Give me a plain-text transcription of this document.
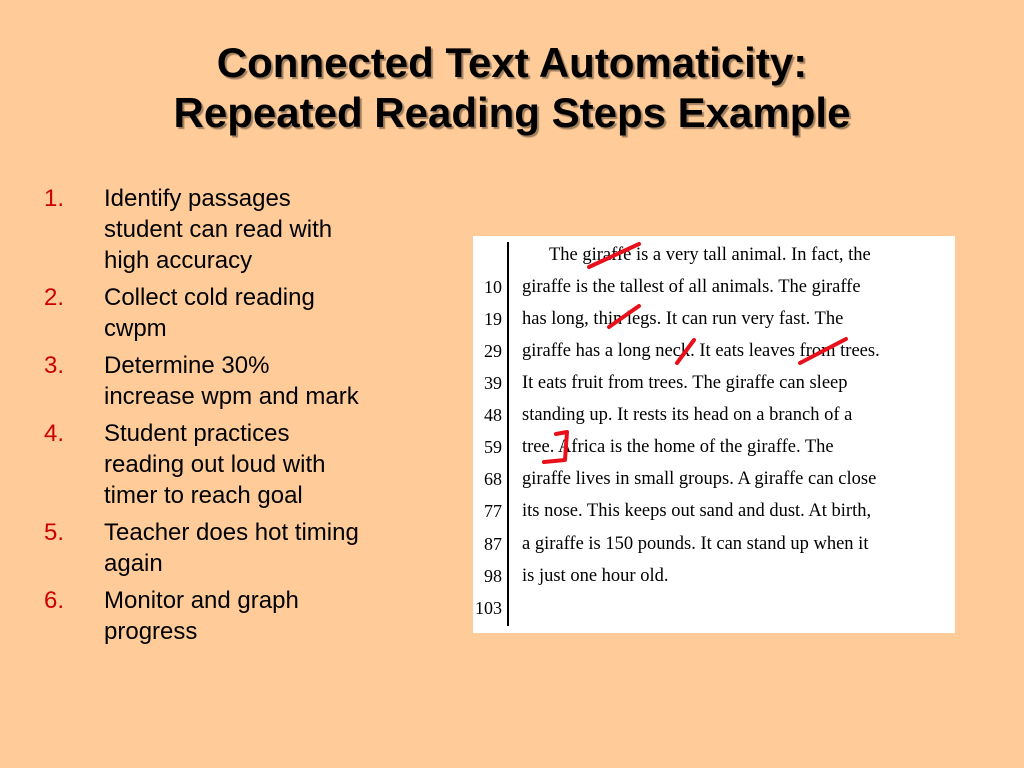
Connected Text Automaticity:
Repeated Reading Steps Example
1. Identify passages
student can read with
high accuracy
2. Collect cold reading
cwpm
3. Determine 30%
increase wpm and mark
4. Student practices
reading out loud with
timer to reach goal
5. Teacher does hot timing
again
6. Monitor and graph
progress
The giraffe is a very tall animal. In fact, the
10 giraffe is the tallest of all animals. The giraffe
19 has long, thin legs. It can run very fast. The
29 giraffe has a long neck. It eats leaves from trees.
39 It eats fruit from trees. The giraffe can sleep
48 standing up. It rests its head on a branch of a
59 tree. Africa is the home of the giraffe. The
68 giraffe lives in small groups. A giraffe can close
77 its nose. This keeps out sand and dust. At birth,
87 a giraffe is 150 pounds. It can stand up when it
98 is just one hour old.
103
